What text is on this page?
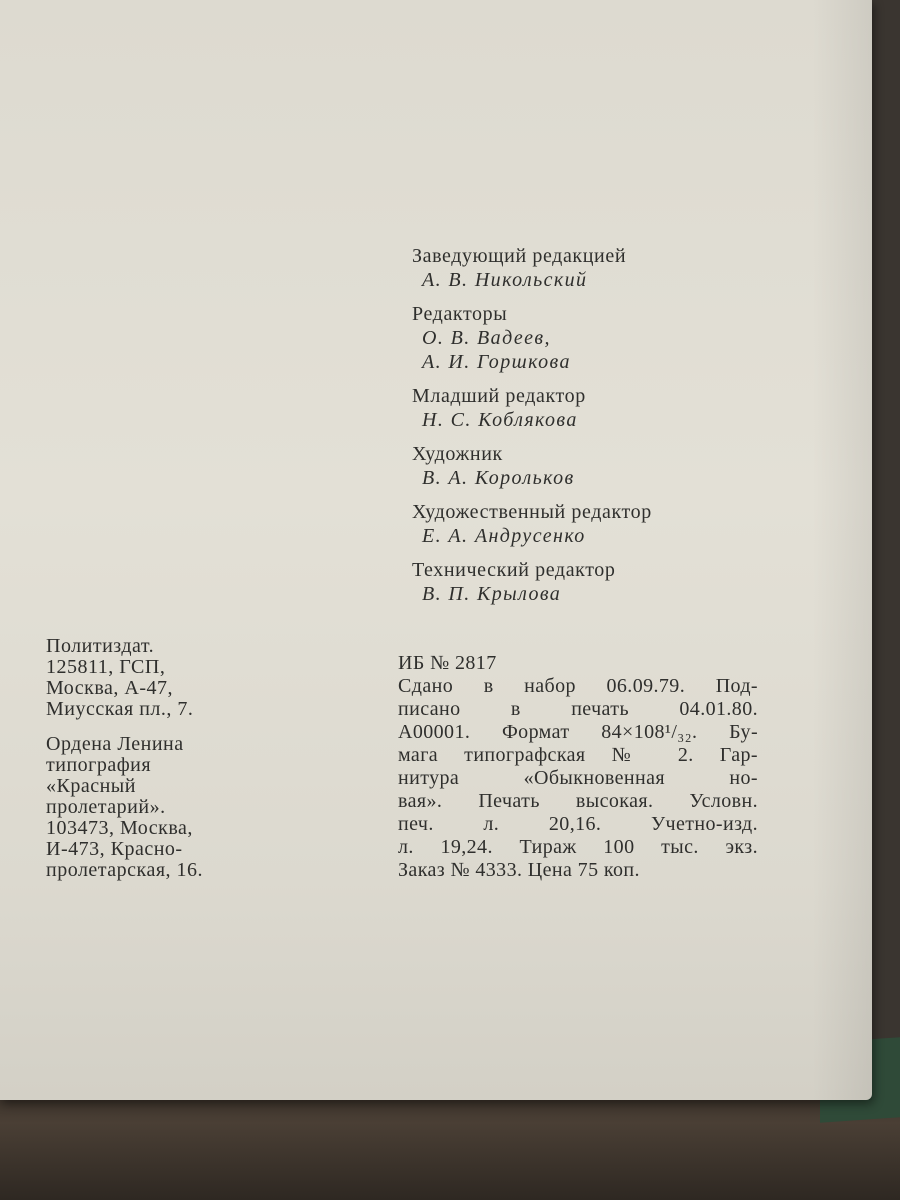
Заведующий редакцией
А. В. Никольский
Редакторы
О. В. Вадеев,
А. И. Горшкова
Младший редактор
Н. С. Коблякова
Художник
В. А. Корольков
Художественный редактор
Е. А. Андрусенко
Технический редактор
В. П. Крылова
Политиздат.
125811, ГСП,
Москва, А-47,
Миусская пл., 7.
Ордена Ленина
типография
«Красный
пролетарий».
103473, Москва,
И-473, Красно-
пролетарская, 16.
ИБ № 2817
Сдано в набор 06.09.79. Под-
писано в печать 04.01.80.
А00001. Формат 84×108¹/₃₂. Бу-
мага типографская № 2. Гар-
нитура «Обыкновенная но-
вая». Печать высокая. Условн.
печ. л. 20,16. Учетно-изд.
л. 19,24. Тираж 100 тыс. экз.
Заказ № 4333. Цена 75 коп.
